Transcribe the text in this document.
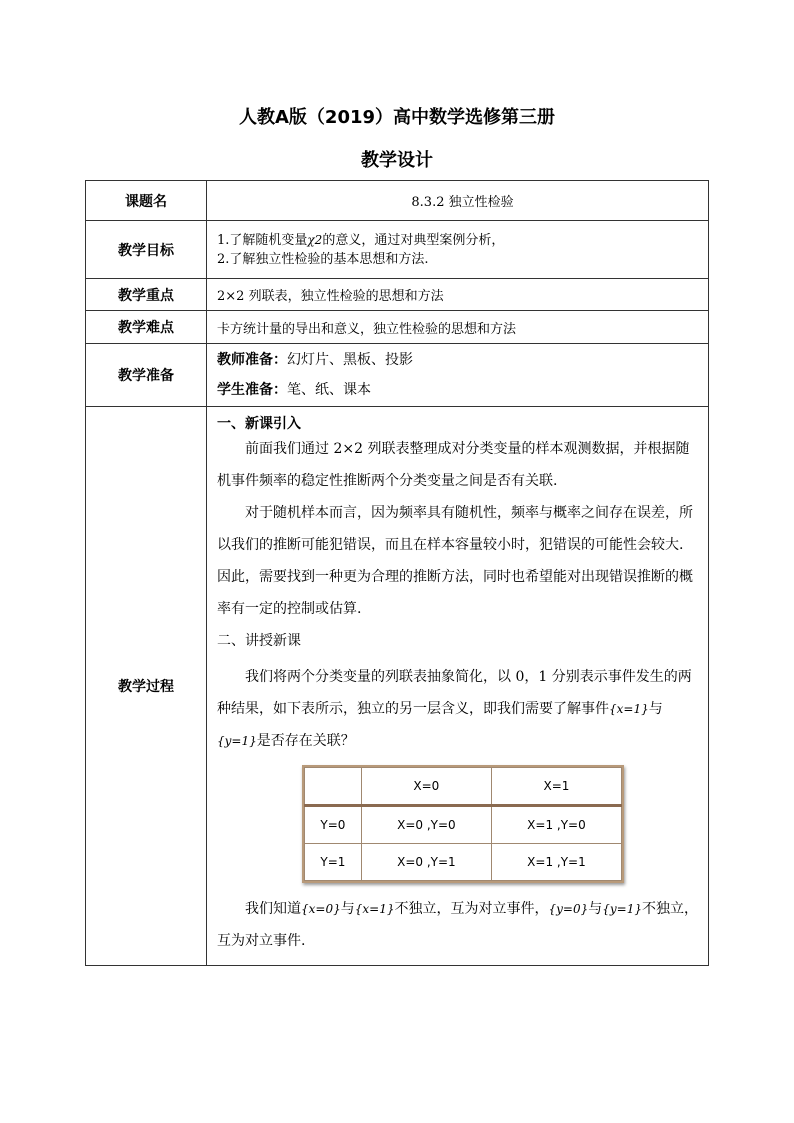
人教A版（2019）高中数学选修第三册
教学设计
课题名	8.3.2 独立性检验
教学目标	
1.了解随机变量χ2的意义，通过对典型案例分析，
2.了解独立性检验的基本思想和方法.

教学重点	2×2 列联表，独立性检验的思想和方法
教学难点	卡方统计量的导出和意义，独立性检验的思想和方法
教学准备	
教师准备：幻灯片、黑板、投影
学生准备：笔、纸、课本

教学过程	

一、新课引入

前面我们通过 2×2 列联表整理成对分类变量的样本观测数据，并根据随机事件频率的稳定性推断两个分类变量之间是否有关联.

对于随机样本而言，因为频率具有随机性，频率与概率之间存在误差，所以我们的推断可能犯错误，而且在样本容量较小时，犯错误的可能性会较大. 因此，需要找到一种更为合理的推断方法，同时也希望能对出现错误推断的概率有一定的控制或估算.

二、讲授新课

我们将两个分类变量的列联表抽象简化，以 0，1 分别表示事件发生的两种结果，如下表所示，独立的另一层含义，即我们需要了解事件{x=1}与{y=1}是否存在关联？

	X=0	X=1
Y=0	X=0 ,Y=0	X=1 ,Y=0
Y=1	X=0 ,Y=1	X=1 ,Y=1

我们知道{x=0}与{x=1}不独立，互为对立事件，{y=0}与{y=1}不独立，互为对立事件.
